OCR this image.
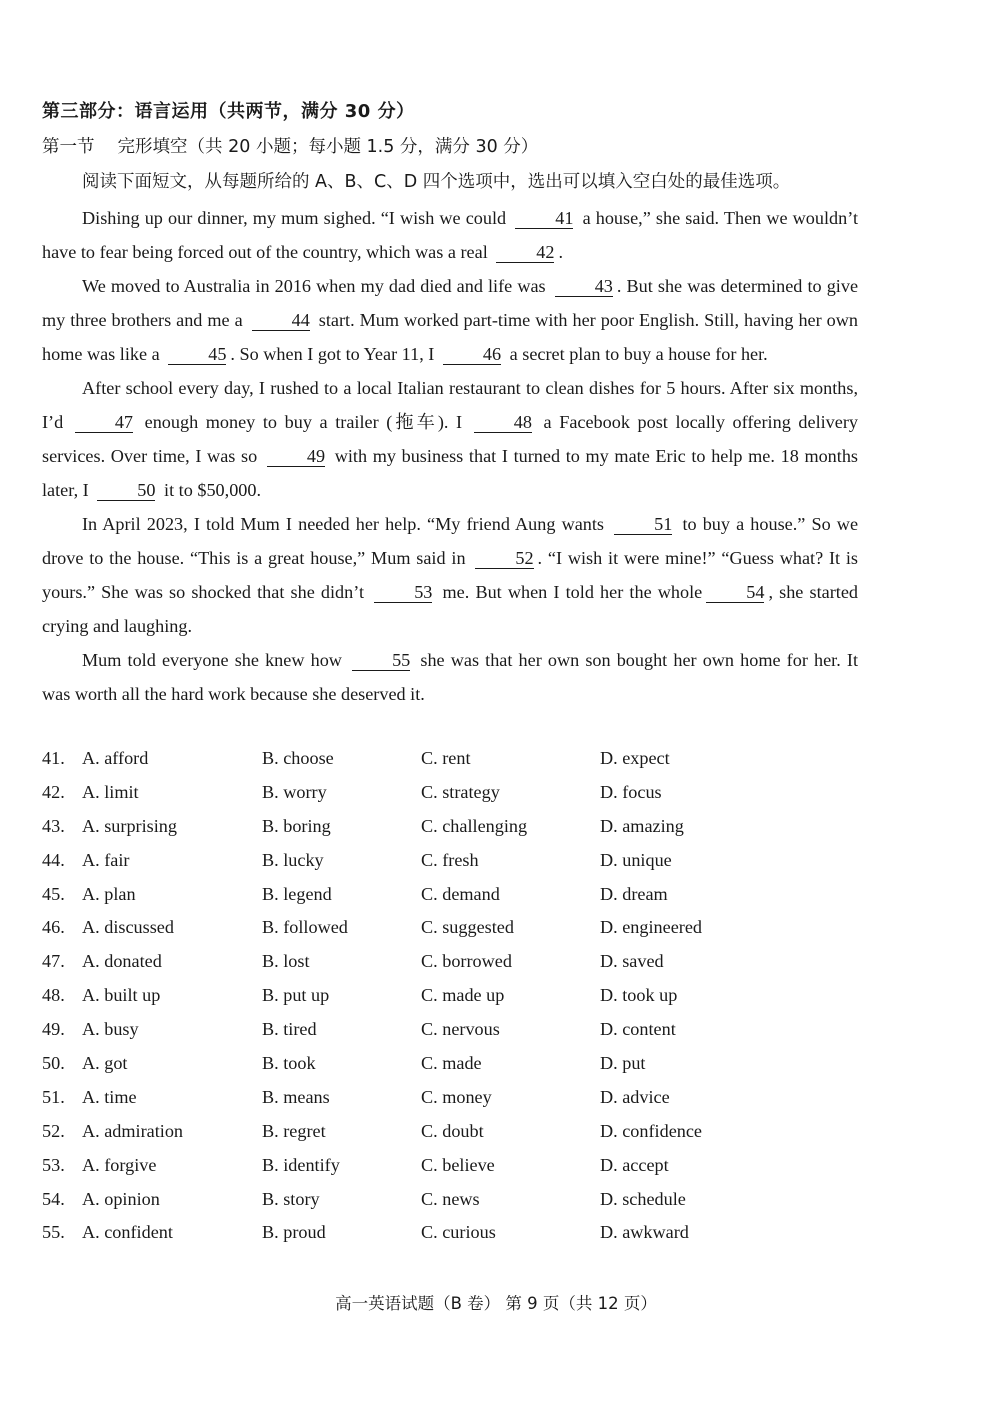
第三部分：语言运用（共两节，满分 30 分）
第一节 　完形填空（共 20 小题；每小题 1.5 分，满分 30 分）
阅读下面短文，从每题所给的 A、B、C、D 四个选项中，选出可以填入空白处的最佳选项。

Dishing up our dinner, my mum sighed. “I wish we could	41 a house,” she said. Then we wouldn’t have to fear being forced out of the country, which was a real	42 .

We moved to Australia in 2016 when my dad died and life was	43 . But she was determined to give my three brothers and me a	44 start. Mum worked part-time with her poor English. Still, having her own home was like a	45 . So when I got to Year 11, I	46 a secret plan to buy a house for her.

After school every day, I rushed to a local Italian restaurant to clean dishes for 5 hours. After six months, I’d	47 enough money to buy a trailer (拖车). I	48 a Facebook post locally offering delivery services. Over time, I was so	49 with my business that I turned to my mate Eric to help me. 18 months later, I	50 it to $50,000.

In April 2023, I told Mum I needed her help. “My friend Aung wants	51 to buy a house.” So we drove to the house. “This is a great house,” Mum said in	52 . “I wish it were mine!” “Guess what? It is yours.” She was so shocked that she didn’t	53 me. But when I told her the whole 54 , she started crying and laughing.

Mum told everyone she knew how	55 she was that her own son bought her own home for her. It was worth all the hard work because she deserved it.

41. A. afford	B. choose	C. rent	D. expect
42. A. limit	B. worry	C. strategy	D. focus
43. A. surprising	B. boring	C. challenging	D. amazing
44. A. fair	B. lucky	C. fresh	D. unique
45. A. plan	B. legend	C. demand	D. dream
46. A. discussed	B. followed	C. suggested	D. engineered
47. A. donated	B. lost	C. borrowed	D. saved
48. A. built up	B. put up	C. made up	D. took up
49. A. busy	B. tired	C. nervous	D. content
50. A. got	B. took	C. made	D. put
51. A. time	B. means	C. money	D. advice
52. A. admiration	B. regret	C. doubt	D. confidence
53. A. forgive	B. identify	C. believe	D. accept
54. A. opinion	B. story	C. news	D. schedule
55. A. confident	B. proud	C. curious	D. awkward
高一英语试题（B 卷） 第 9 页（共 12 页）
